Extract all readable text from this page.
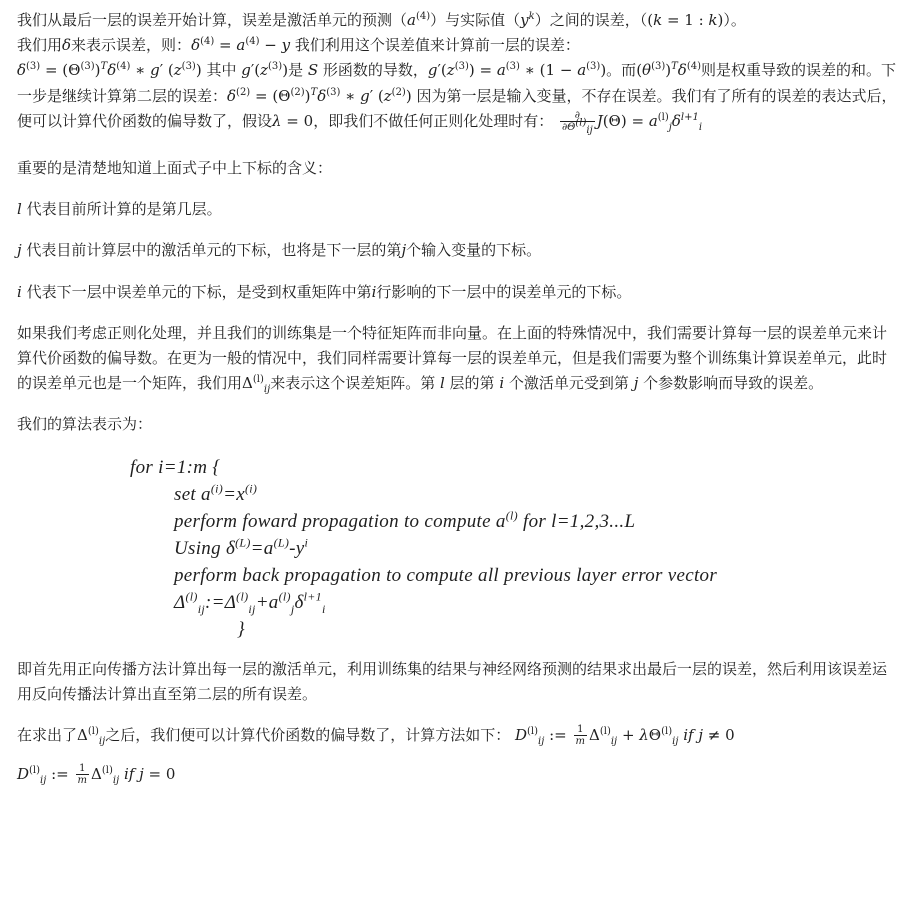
我们从最后一层的误差开始计算，误差是激活单元的预测$(a^{(4)})$与实际值$(y^k)$之间的误差，（(k = 1 : k)）。
我们用δ来表示误差，则：$\delta^{(4)} = a^{(4)} - y$ 我们利用这个误差值来计算前一层的误差：
$\delta^{(3)} = (\Theta^{(3)})^T\delta^{(4)}$ ∗ g′ $(z^{(3)})$ 其中 $g'(z^{(3)})$是 S 形函数的导数，$g'(z^{(3)}) = a^{(3)}$ ∗ $(1 - a^{(3)})$。而$(\theta^{(3)})^T\delta^{(4)}$则是权重导致的误差的和。下一步是继续计算第二层的误差：$\delta^{(2)} = (\Theta^{(2)})^T\delta^{(3)}$ ∗ g′ $(z^{(2)})$ 因为第一层是输入变量，不存在误差。我们有了所有的误差的表达式后，便可以计算代价函数的偏导数了，假设λ = 0，即我们不做任何正则化处理时有： $\frac{\partial}{\partial\Theta^{(l)}_{ij}} J(\Theta) = a^{(l)}_j\delta^{l+1}_i$

重要的是清楚地知道上面式子中上下标的含义：

l 代表目前所计算的是第几层。

j 代表目前计算层中的激活单元的下标，也将是下一层的第j个输入变量的下标。

i 代表下一层中误差单元的下标，是受到权重矩阵中第i行影响的下一层中的误差单元的下标。

如果我们考虑正则化处理，并且我们的训练集是一个特征矩阵而非向量。在上面的特殊情况中，我们需要计算每一层的误差单元来计算代价函数的偏导数。在更为一般的情况中，我们同样需要计算每一层的误差单元，但是我们需要为整个训练集计算误差单元，此时的误差单元也是一个矩阵，我们用$\Delta^{(l)}_{ij}$来表示这个误差矩阵。第 l 层的第 i 个激活单元受到第 j 个参数影响而导致的误差。

我们的算法表示为：

for i=1:m {
set $a^{(i)}=x^{(i)}$
perform foward propagation to compute $a^{(l)}$ for l=1,2,3...L
Using $\delta^{(L)}=a^{(L)}-y^i$
perform back propagation to compute all previous layer error vector
$\Delta^{(l)}_{ij}:=\Delta^{(l)}_{ij}+a^{(l)}_j\delta^{l+1}_i$
}

即首先用正向传播方法计算出每一层的激活单元，利用训练集的结果与神经网络预测的结果求出最后一层的误差，然后利用该误差运用反向传播法计算出直至第二层的所有误差。

在求出了$\Delta^{(l)}_{ij}$之后，我们便可以计算代价函数的偏导数了，计算方法如下： $D^{(l)}_{ij}$ := $\frac{1}{m} \Delta^{(l)}_{ij} + \lambda\Theta^{(l)}_{ij}$ if j ≠ 0

$D^{(l)}_{ij}$ := $\frac{1}{m} \Delta^{(l)}_{ij}$ if j = 0
